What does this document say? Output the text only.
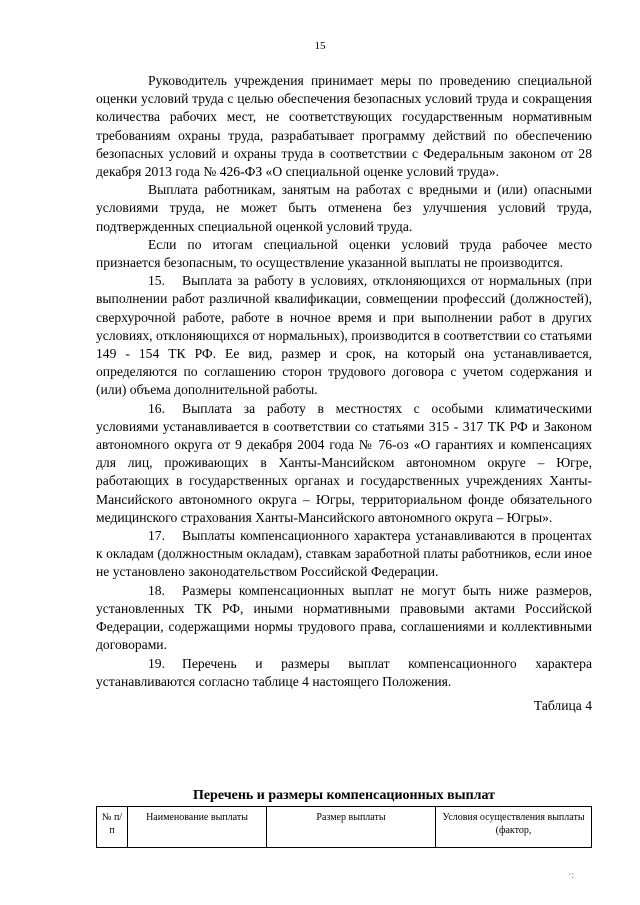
15

Руководитель учреждения принимает меры по проведению специальной оценки условий труда с целью обеспечения безопасных условий труда и сокращения количества рабочих мест, не соответствующих государственным нормативным требованиям охраны труда, разрабатывает программу действий по обеспечению безопасных условий и охраны труда в соответствии с Федеральным законом от 28 декабря 2013 года № 426-ФЗ «О специальной оценке условий труда».

Выплата работникам, занятым на работах с вредными и (или) опасными условиями труда, не может быть отменена без улучшения условий труда, подтвержденных специальной оценкой условий труда.

Если по итогам специальной оценки условий труда рабочее место признается безопасным, то осуществление указанной выплаты не производится.

15. Выплата за работу в условиях, отклоняющихся от нормальных (при выполнении работ различной квалификации, совмещении профессий (должностей), сверхурочной работе, работе в ночное время и при выполнении работ в других условиях, отклоняющихся от нормальных), производится в соответствии со статьями 149 - 154 ТК РФ. Ее вид, размер и срок, на который она устанавливается, определяются по соглашению сторон трудового договора с учетом содержания и (или) объема дополнительной работы.

16. Выплата за работу в местностях с особыми климатическими условиями устанавливается в соответствии со статьями 315 - 317 ТК РФ и Законом автономного округа от 9 декабря 2004 года № 76-оз «О гарантиях и компенсациях для лиц, проживающих в Ханты-Мансийском автономном округе – Югре, работающих в государственных органах и государственных учреждениях Ханты-Мансийского автономного округа – Югры, территориальном фонде обязательного медицинского страхования Ханты-Мансийского автономного округа – Югры».

17. Выплаты компенсационного характера устанавливаются в процентах к окладам (должностным окладам), ставкам заработной платы работников, если иное не установлено законодательством Российской Федерации.

18. Размеры компенсационных выплат не могут быть ниже размеров, установленных ТК РФ, иными нормативными правовыми актами Российской Федерации, содержащими нормы трудового права, соглашениями и коллективными договорами.

19. Перечень и размеры выплат компенсационного характера устанавливаются согласно таблице 4 настоящего Положения.

Таблица 4

Перечень и размеры компенсационных выплат
№ п/п	Наименование выплаты	Размер выплаты	Условия осуществления выплаты (фактор,
·:
